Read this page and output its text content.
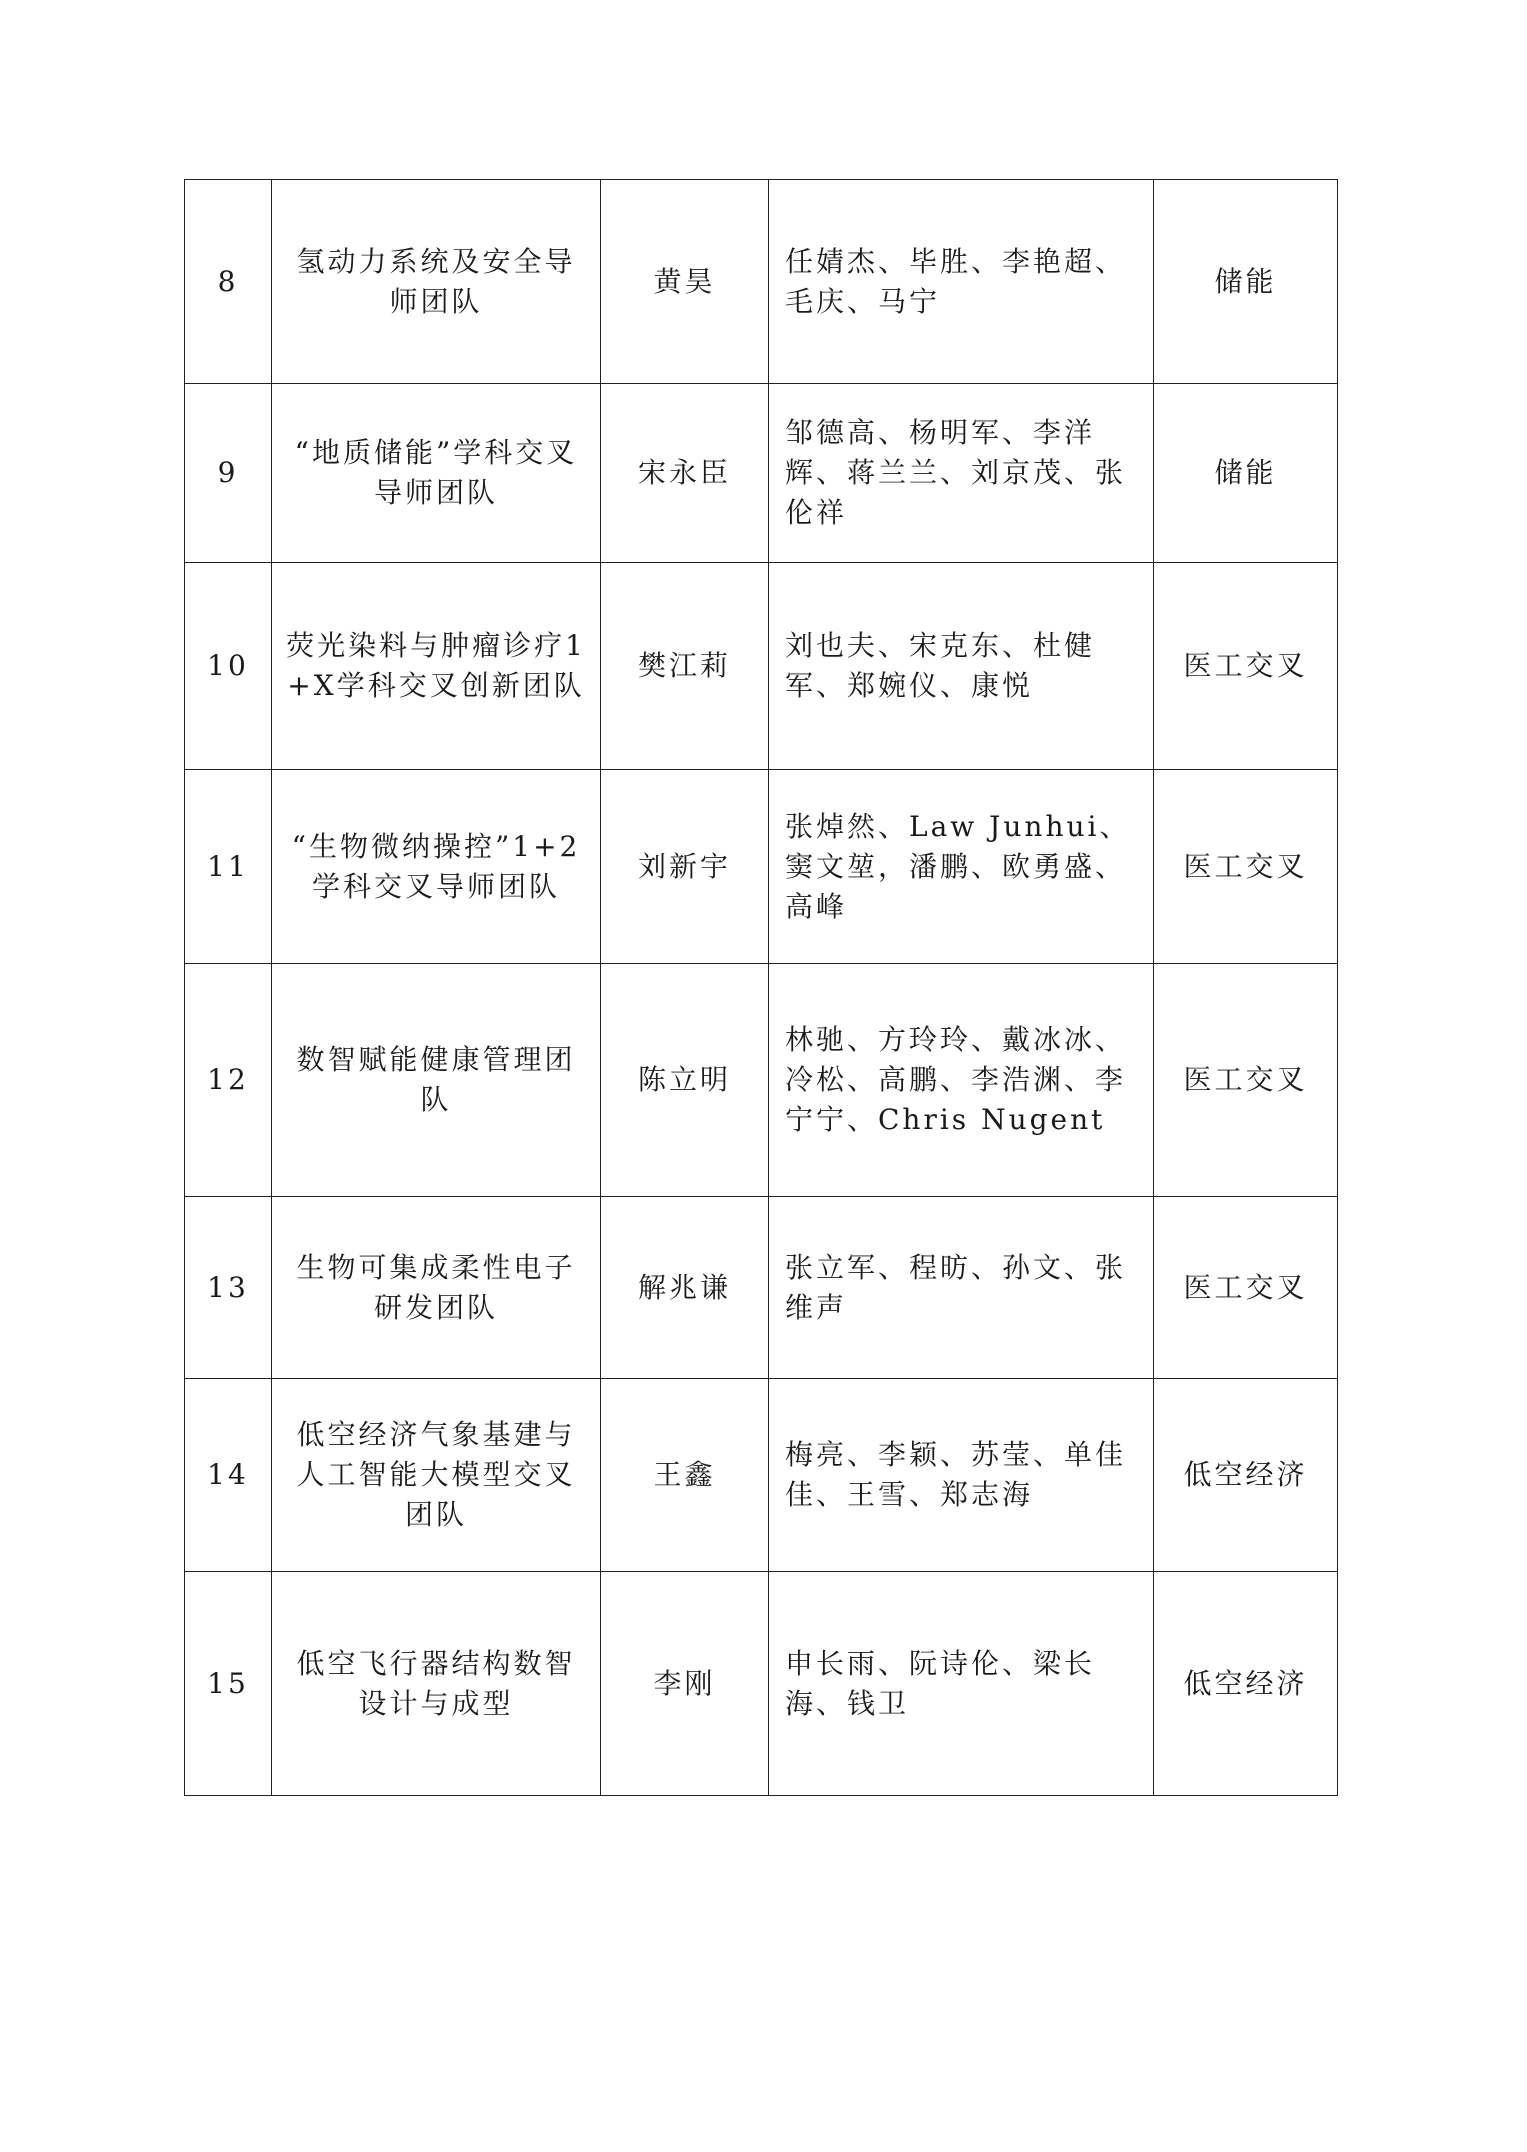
8	氢动力系统及安全导师团队	黄昊	任婧杰、毕胜、李艳超、毛庆、马宁	储能
9	“地质储能”学科交叉导师团队	宋永臣	邹德高、杨明军、李洋辉、蒋兰兰、刘京茂、张伦祥	储能
10	荧光染料与肿瘤诊疗1+X学科交叉创新团队	樊江莉	刘也夫、宋克东、杜健军、郑婉仪、康悦	医工交叉
11	“生物微纳操控”1+2学科交叉导师团队	刘新宇	张焯然、Law Junhui、窦文堃，潘鹏、欧勇盛、高峰	医工交叉
12	数智赋能健康管理团队	陈立明	林驰、方玲玲、戴冰冰、冷松、高鹏、李浩渊、李宁宁、Chris Nugent	医工交叉
13	生物可集成柔性电子研发团队	解兆谦	张立军、程昉、孙文、张维声	医工交叉
14	低空经济气象基建与人工智能大模型交叉团队	王鑫	梅亮、李颖、苏莹、单佳佳、王雪、郑志海	低空经济
15	低空飞行器结构数智设计与成型	李刚	申长雨、阮诗伦、梁长海、钱卫	低空经济
